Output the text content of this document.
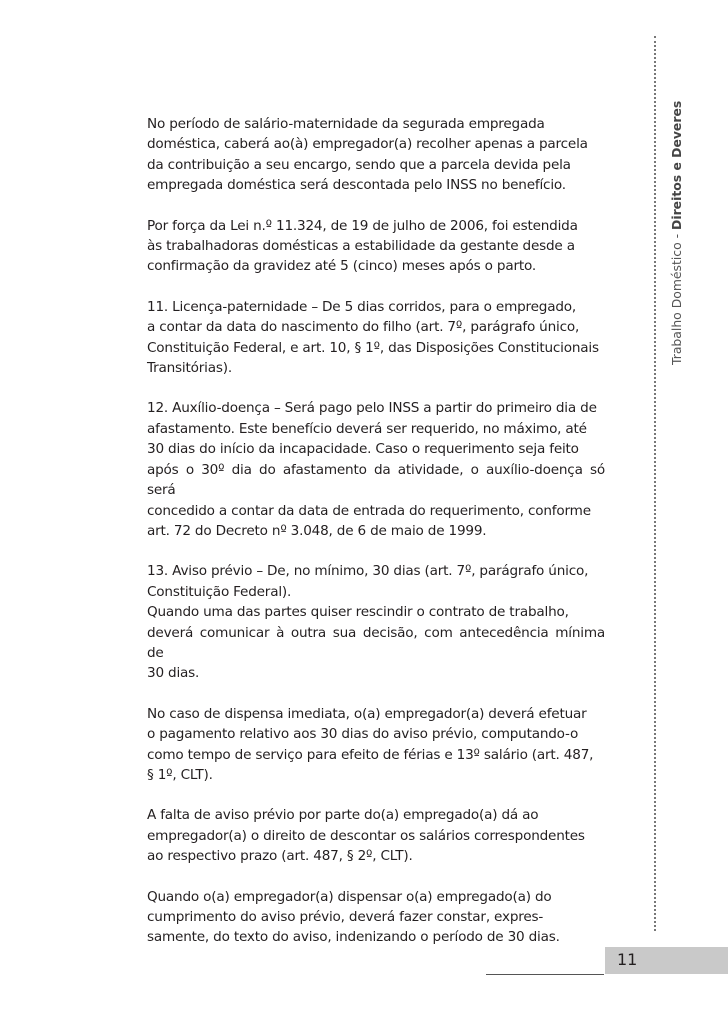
No período de salário-maternidade da segurada empregada
doméstica, caberá ao(à) empregador(a) recolher apenas a parcela
da contribuição a seu encargo, sendo que a parcela devida pela
empregada doméstica será descontada pelo INSS no benefício.

Por força da Lei n.º 11.324, de 19 de julho de 2006, foi estendida
às trabalhadoras domésticas a estabilidade da gestante desde a
confirmação da gravidez até 5 (cinco) meses após o parto.

11. Licença-paternidade – De 5 dias corridos, para o empregado,
a contar da data do nascimento do filho (art. 7º, parágrafo único,
Constituição Federal, e art. 10, § 1º, das Disposições Constitucionais
Transitórias).

12. Auxílio-doença – Será pago pelo INSS a partir do primeiro dia de
afastamento. Este benefício deverá ser requerido, no máximo, até
30 dias do início da incapacidade. Caso o requerimento seja feito
após o 30º dia do afastamento da atividade, o auxílio-doença só será
concedido a contar da data de entrada do requerimento, conforme
art. 72 do Decreto nº 3.048, de 6 de maio de 1999.

13. Aviso prévio – De, no mínimo, 30 dias (art. 7º, parágrafo único,
Constituição Federal).
Quando uma das partes quiser rescindir o contrato de trabalho,
deverá comunicar à outra sua decisão, com antecedência mínima de
30 dias.

No caso de dispensa imediata, o(a) empregador(a) deverá efetuar
o pagamento relativo aos 30 dias do aviso prévio, computando-o
como tempo de serviço para efeito de férias e 13º salário (art. 487,
§ 1º, CLT).

A falta de aviso prévio por parte do(a) empregado(a) dá ao
empregador(a) o direito de descontar os salários correspondentes
ao respectivo prazo (art. 487, § 2º, CLT).

Quando o(a) empregador(a) dispensar o(a) empregado(a) do
cumprimento do aviso prévio, deverá fazer constar, expres-
samente, do texto do aviso, indenizando o período de 30 dias.

Trabalho Doméstico - Direitos e Deveres
11
